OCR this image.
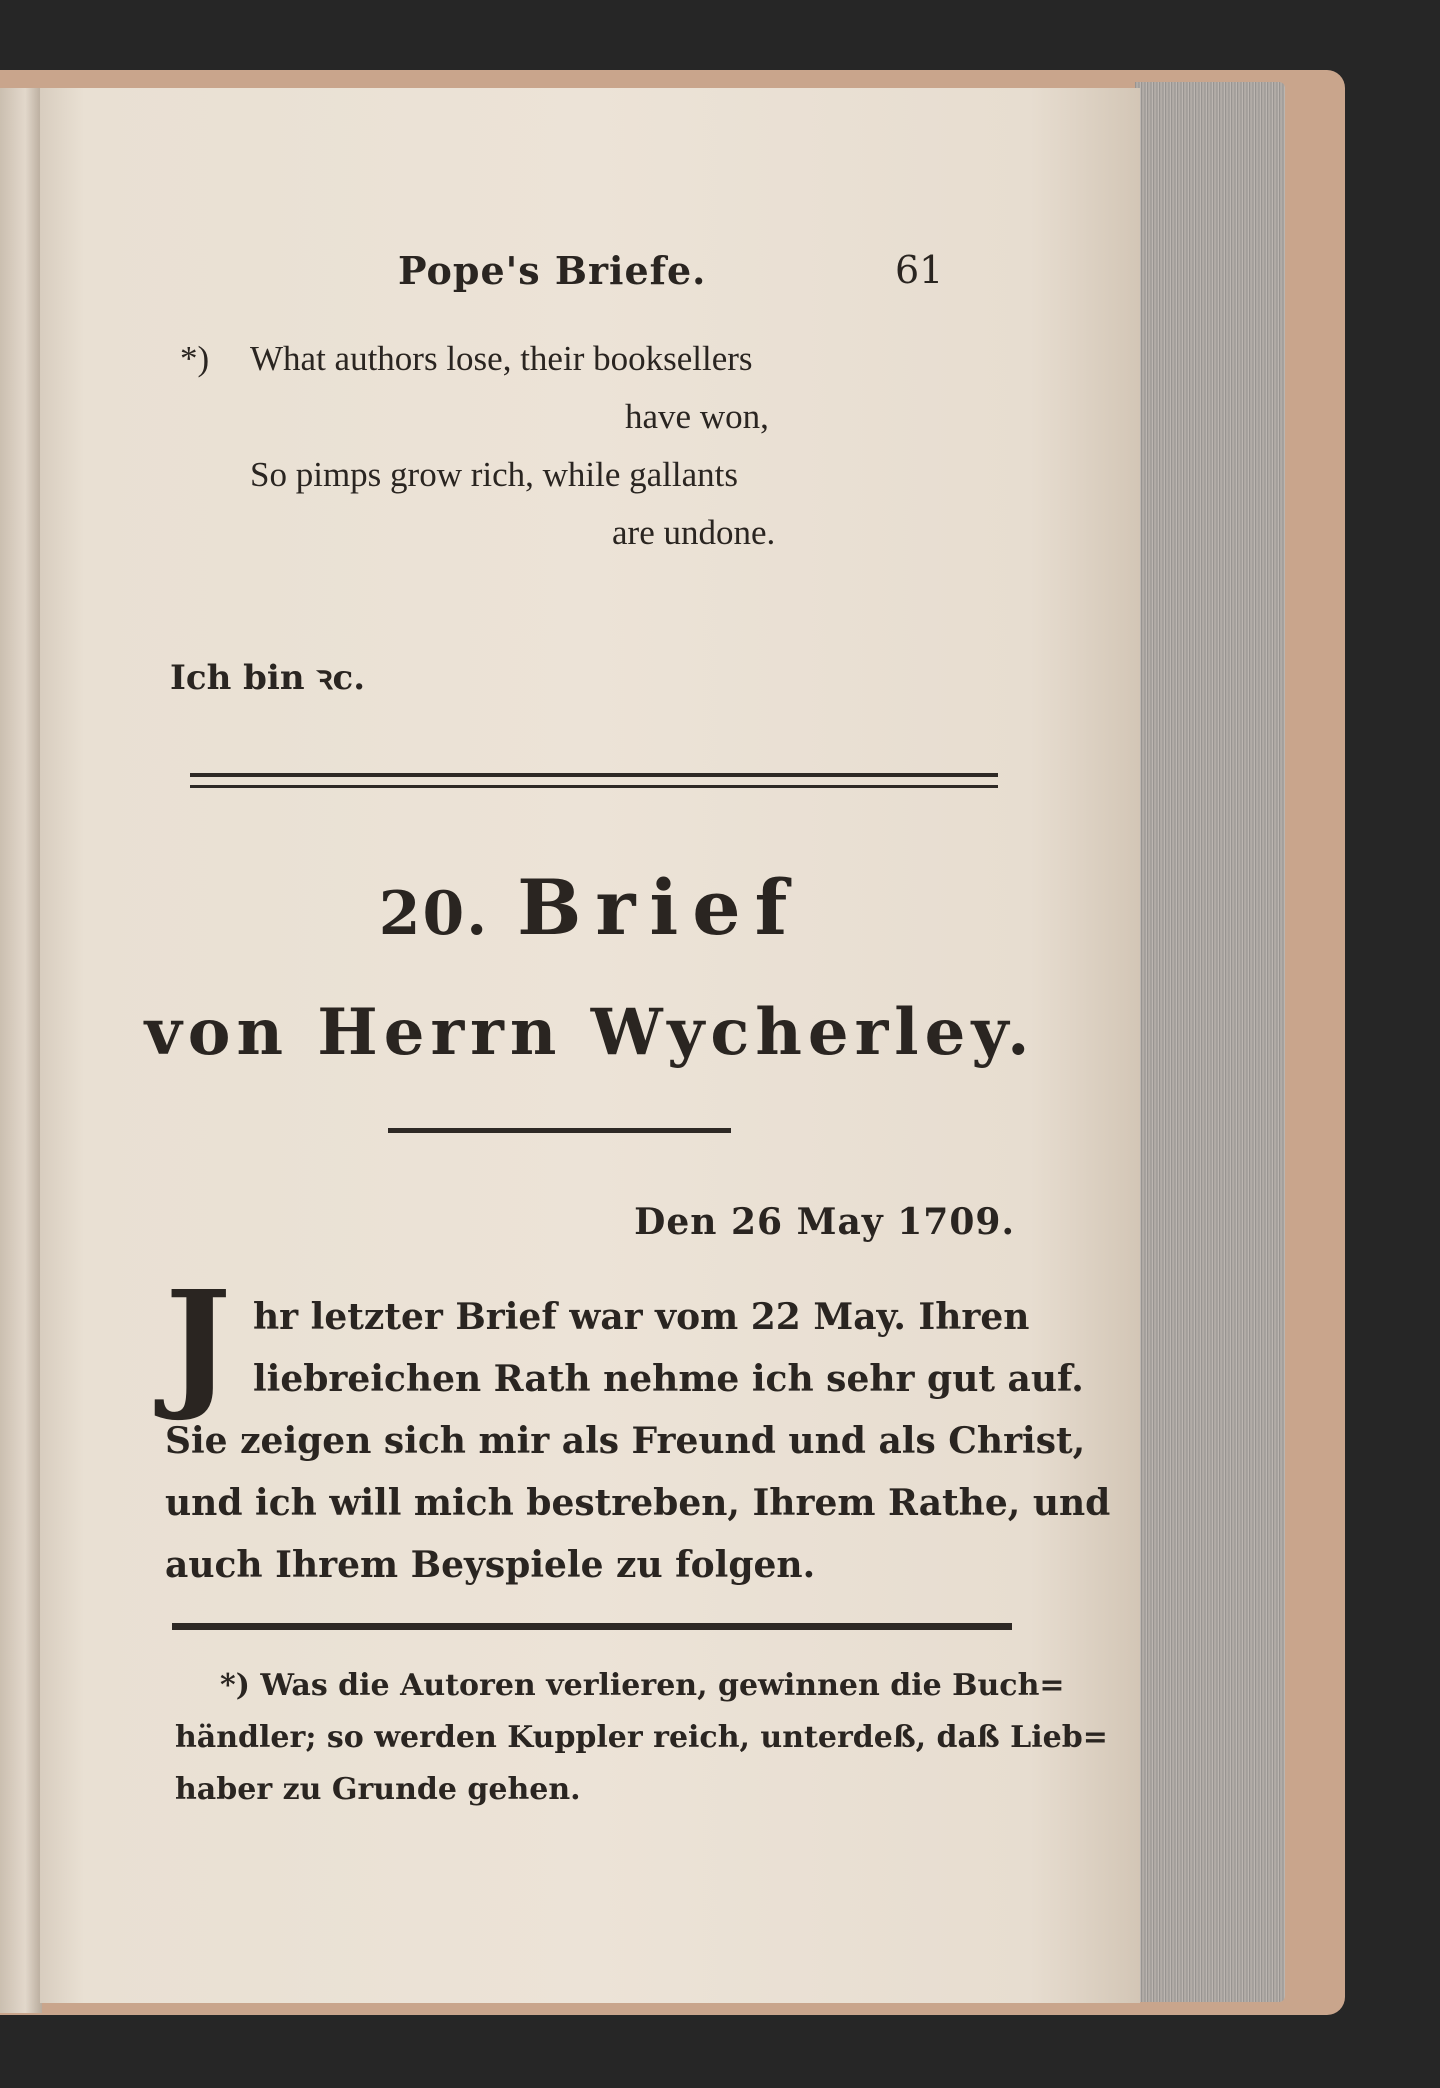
Pope's Briefe.	61
*) What authors lose, their booksellers
have won,
So pimps grow rich, while gallants
are undone.
Ich bin ꝛc.
20. Brief
von Herrn Wycherley.
Den 26 May 1709.
J hr letzter Brief war vom 22 May. Ihren
liebreichen Rath nehme ich sehr gut auf.
Sie zeigen sich mir als Freund und als Christ,
und ich will mich bestreben, Ihrem Rathe, und
auch Ihrem Beyspiele zu folgen.
*) Was die Autoren verlieren, gewinnen die Buch=
händler; so werden Kuppler reich, unterdeß, daß Lieb=
haber zu Grunde gehen.
